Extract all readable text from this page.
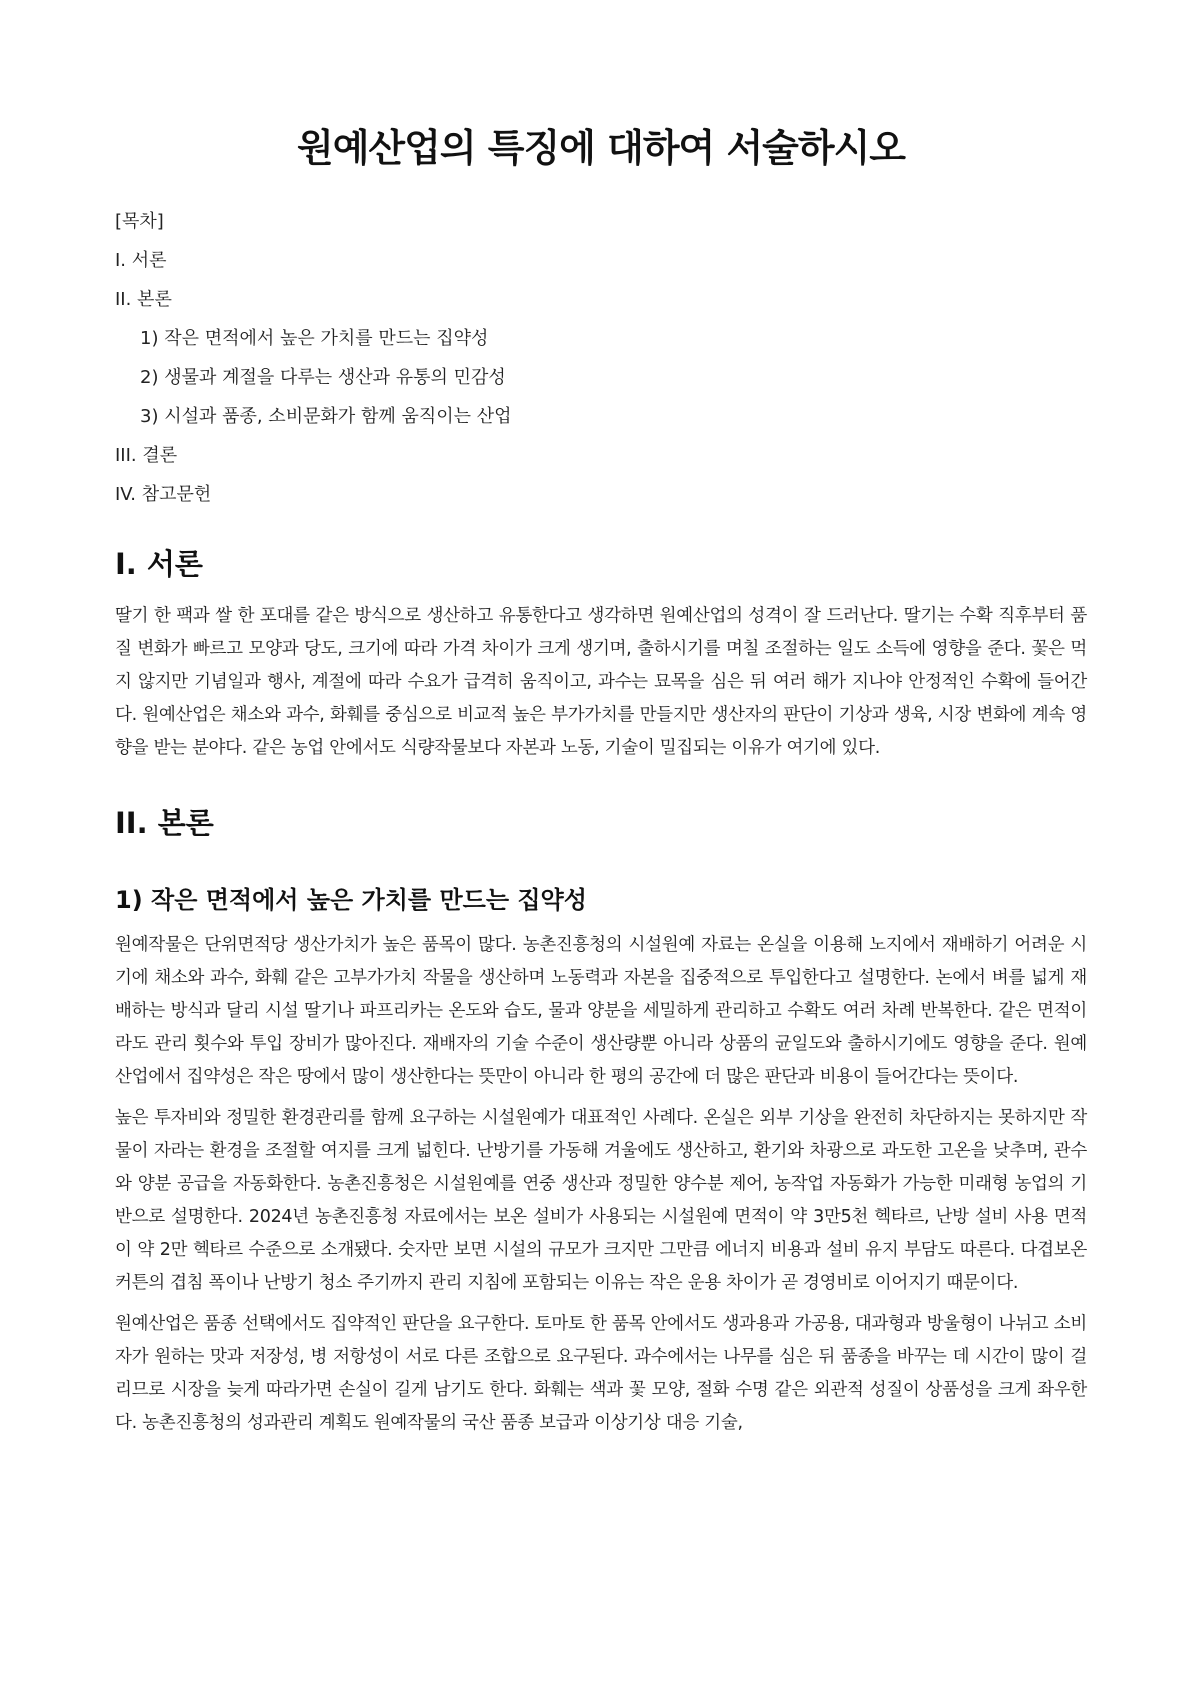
원예산업의 특징에 대하여 서술하시오

[목차]

I. 서론

II. 본론

1) 작은 면적에서 높은 가치를 만드는 집약성

2) 생물과 계절을 다루는 생산과 유통의 민감성

3) 시설과 품종, 소비문화가 함께 움직이는 산업

III. 결론

IV. 참고문헌

I. 서론

딸기 한 팩과 쌀 한 포대를 같은 방식으로 생산하고 유통한다고 생각하면 원예산업의 성격이 잘 드러난다. 딸기는 수확 직후부터 품질 변화가 빠르고 모양과 당도, 크기에 따라 가격 차이가 크게 생기며, 출하시기를 며칠 조절하는 일도 소득에 영향을 준다. 꽃은 먹지 않지만 기념일과 행사, 계절에 따라 수요가 급격히 움직이고, 과수는 묘목을 심은 뒤 여러 해가 지나야 안정적인 수확에 들어간다. 원예산업은 채소와 과수, 화훼를 중심으로 비교적 높은 부가가치를 만들지만 생산자의 판단이 기상과 생육, 시장 변화에 계속 영향을 받는 분야다. 같은 농업 안에서도 식량작물보다 자본과 노동, 기술이 밀집되는 이유가 여기에 있다.

II. 본론
1) 작은 면적에서 높은 가치를 만드는 집약성

원예작물은 단위면적당 생산가치가 높은 품목이 많다. 농촌진흥청의 시설원예 자료는 온실을 이용해 노지에서 재배하기 어려운 시기에 채소와 과수, 화훼 같은 고부가가치 작물을 생산하며 노동력과 자본을 집중적으로 투입한다고 설명한다. 논에서 벼를 넓게 재배하는 방식과 달리 시설 딸기나 파프리카는 온도와 습도, 물과 양분을 세밀하게 관리하고 수확도 여러 차례 반복한다. 같은 면적이라도 관리 횟수와 투입 장비가 많아진다. 재배자의 기술 수준이 생산량뿐 아니라 상품의 균일도와 출하시기에도 영향을 준다. 원예산업에서 집약성은 작은 땅에서 많이 생산한다는 뜻만이 아니라 한 평의 공간에 더 많은 판단과 비용이 들어간다는 뜻이다.

높은 투자비와 정밀한 환경관리를 함께 요구하는 시설원예가 대표적인 사례다. 온실은 외부 기상을 완전히 차단하지는 못하지만 작물이 자라는 환경을 조절할 여지를 크게 넓힌다. 난방기를 가동해 겨울에도 생산하고, 환기와 차광으로 과도한 고온을 낮추며, 관수와 양분 공급을 자동화한다. 농촌진흥청은 시설원예를 연중 생산과 정밀한 양수분 제어, 농작업 자동화가 가능한 미래형 농업의 기반으로 설명한다. 2024년 농촌진흥청 자료에서는 보온 설비가 사용되는 시설원예 면적이 약 3만5천 헥타르, 난방 설비 사용 면적이 약 2만 헥타르 수준으로 소개됐다. 숫자만 보면 시설의 규모가 크지만 그만큼 에너지 비용과 설비 유지 부담도 따른다. 다겹보온커튼의 겹침 폭이나 난방기 청소 주기까지 관리 지침에 포함되는 이유는 작은 운용 차이가 곧 경영비로 이어지기 때문이다.

원예산업은 품종 선택에서도 집약적인 판단을 요구한다. 토마토 한 품목 안에서도 생과용과 가공용, 대과형과 방울형이 나뉘고 소비자가 원하는 맛과 저장성, 병 저항성이 서로 다른 조합으로 요구된다. 과수에서는 나무를 심은 뒤 품종을 바꾸는 데 시간이 많이 걸리므로 시장을 늦게 따라가면 손실이 길게 남기도 한다. 화훼는 색과 꽃 모양, 절화 수명 같은 외관적 성질이 상품성을 크게 좌우한다. 농촌진흥청의 성과관리 계획도 원예작물의 국산 품종 보급과 이상기상 대응 기술,
